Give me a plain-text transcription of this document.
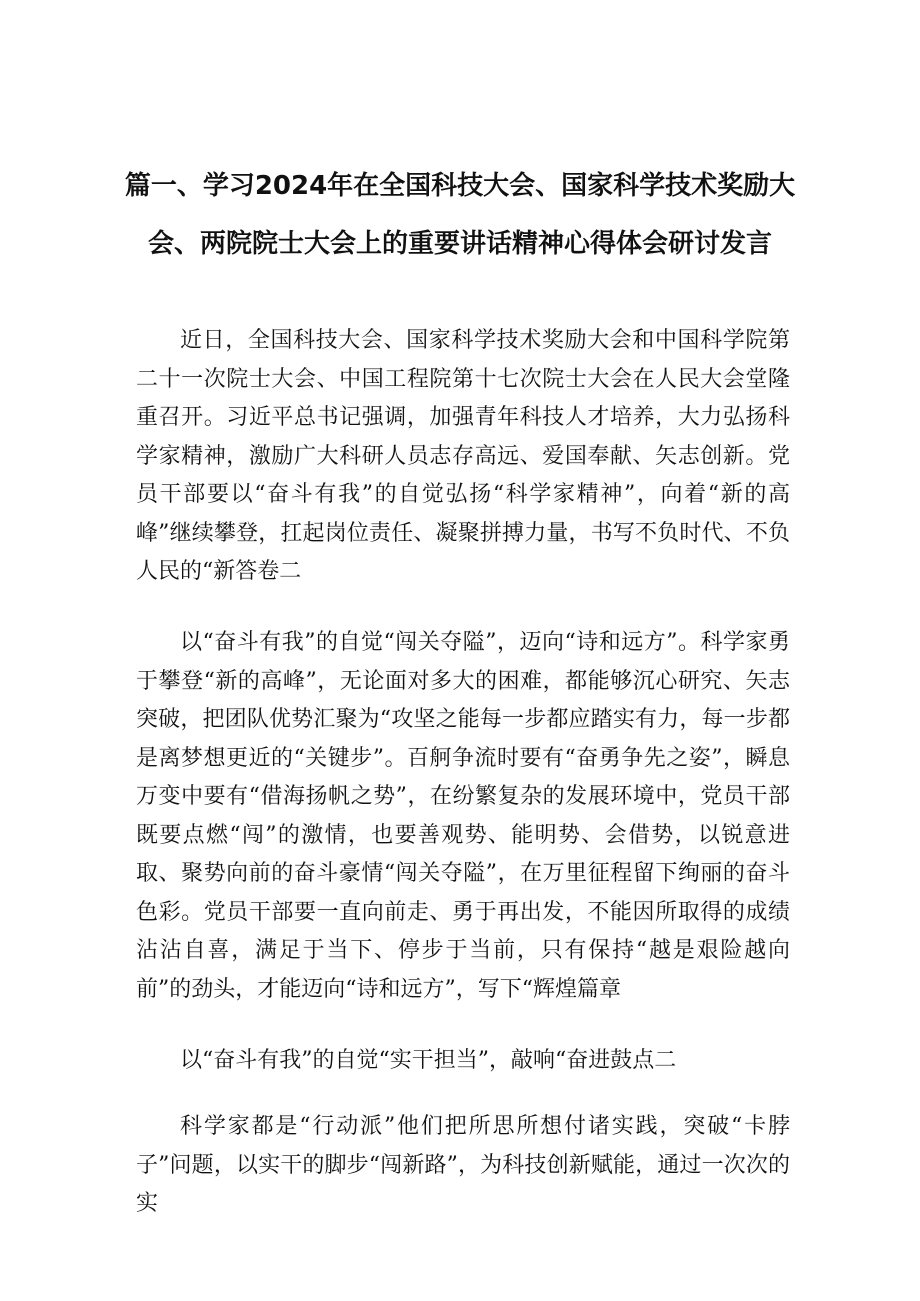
篇一、学习2024年在全国科技大会、国家科学技术奖励大
会、两院院士大会上的重要讲话精神心得体会研讨发言

近日，全国科技大会、国家科学技术奖励大会和中国科学院第二十一次院士大会、中国工程院第十七次院士大会在人民大会堂隆重召开。习近平总书记强调，加强青年科技人才培养，大力弘扬科学家精神，激励广大科研人员志存高远、爱国奉献、矢志创新。党员干部要以“奋斗有我”的自觉弘扬“科学家精神”，向着“新的高峰”继续攀登，扛起岗位责任、凝聚拼搏力量，书写不负时代、不负人民的“新答卷二

以“奋斗有我”的自觉“闯关夺隘”，迈向“诗和远方”。科学家勇于攀登“新的高峰”，无论面对多大的困难，都能够沉心研究、矢志突破，把团队优势汇聚为“攻坚之能每一步都应踏实有力，每一步都是离梦想更近的“关键步”。百舸争流时要有“奋勇争先之姿”，瞬息万变中要有“借海扬帆之势”，在纷繁复杂的发展环境中，党员干部既要点燃“闯”的激情，也要善观势、能明势、会借势，以锐意进取、聚势向前的奋斗豪情“闯关夺隘”，在万里征程留下绚丽的奋斗色彩。党员干部要一直向前走、勇于再出发，不能因所取得的成绩沾沾自喜，满足于当下、停步于当前，只有保持“越是艰险越向前”的劲头，才能迈向“诗和远方”，写下“辉煌篇章

以“奋斗有我”的自觉“实干担当”，敲响“奋进鼓点二

科学家都是“行动派”他们把所思所想付诸实践，突破“卡脖子”问题，以实干的脚步“闯新路”，为科技创新赋能，通过一次次的实
